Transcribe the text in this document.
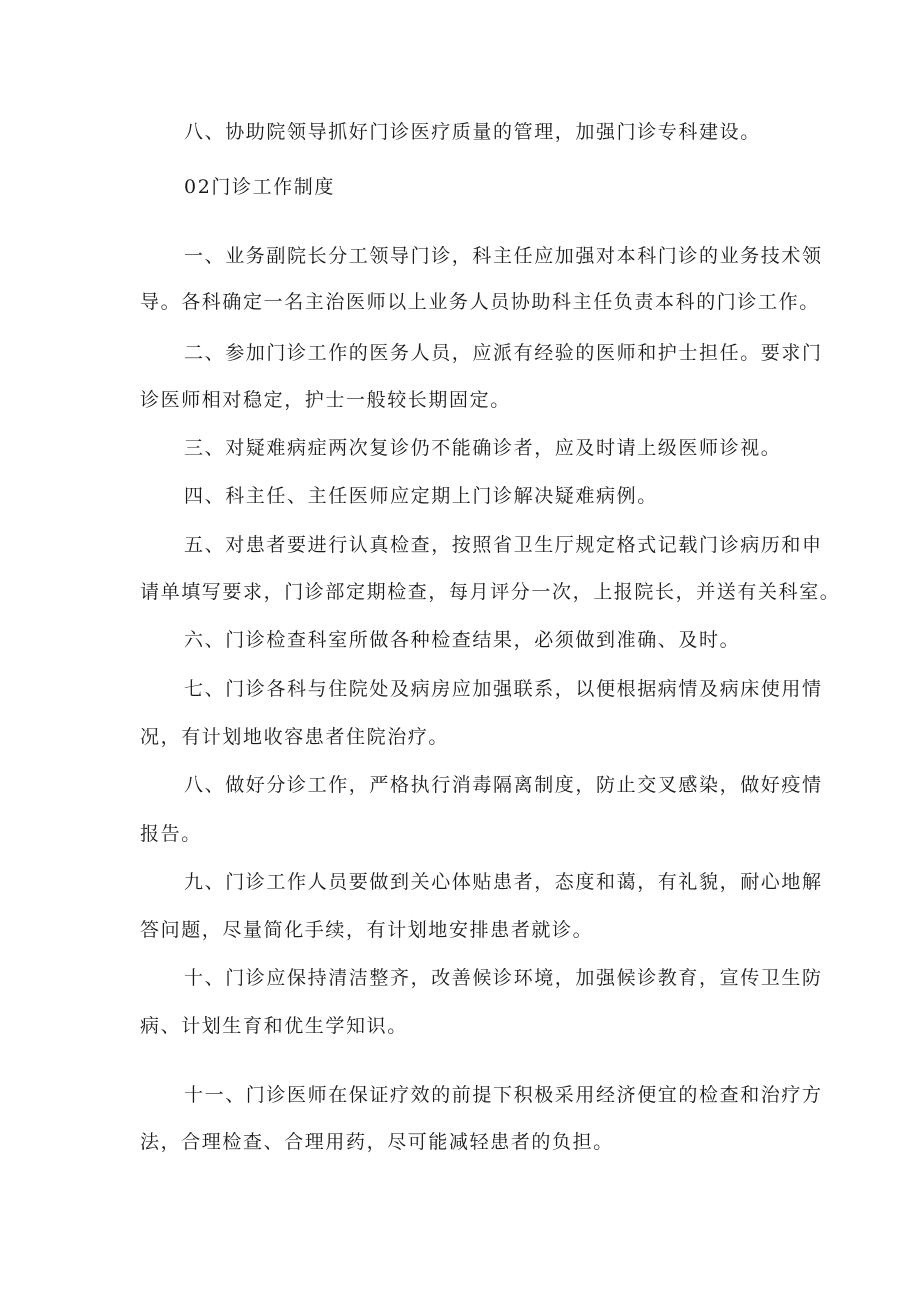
八、协助院领导抓好门诊医疗质量的管理，加强门诊专科建设。
02门诊工作制度
一、业务副院长分工领导门诊，科主任应加强对本科门诊的业务技术领
导。各科确定一名主治医师以上业务人员协助科主任负责本科的门诊工作。
二、参加门诊工作的医务人员，应派有经验的医师和护士担任。要求门
诊医师相对稳定，护士一般较长期固定。
三、对疑难病症两次复诊仍不能确诊者，应及时请上级医师诊视。
四、科主任、主任医师应定期上门诊解决疑难病例。
五、对患者要进行认真检查，按照省卫生厅规定格式记载门诊病历和申
请单填写要求，门诊部定期检查，每月评分一次，上报院长，并送有关科室。
六、门诊检查科室所做各种检查结果，必须做到准确、及时。
七、门诊各科与住院处及病房应加强联系，以便根据病情及病床使用情
况，有计划地收容患者住院治疗。
八、做好分诊工作，严格执行消毒隔离制度，防止交叉感染，做好疫情
报告。
九、门诊工作人员要做到关心体贴患者，态度和蔼，有礼貌，耐心地解
答问题，尽量简化手续，有计划地安排患者就诊。
十、门诊应保持清洁整齐，改善候诊环境，加强候诊教育，宣传卫生防
病、计划生育和优生学知识。
十一、门诊医师在保证疗效的前提下积极采用经济便宜的检查和治疗方
法，合理检查、合理用药，尽可能减轻患者的负担。
